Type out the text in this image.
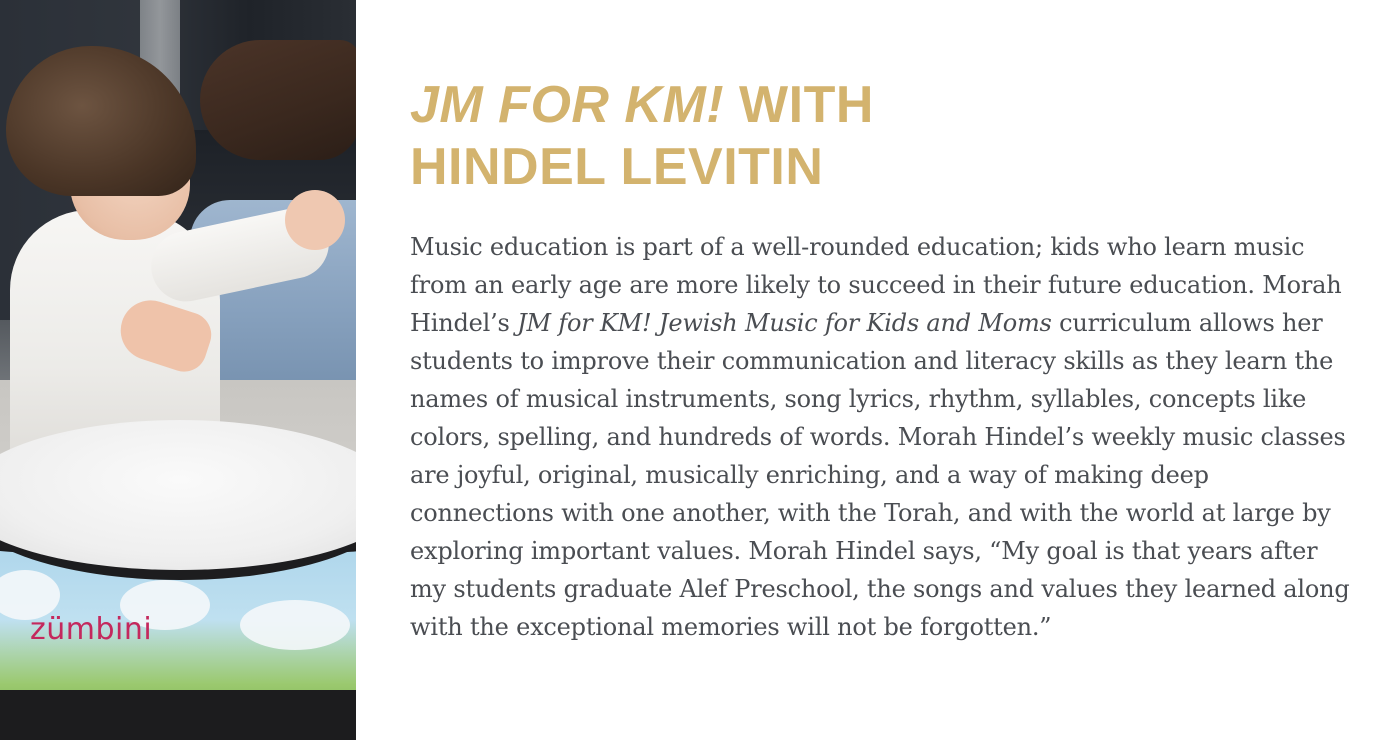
zümbini
JM FOR KM! WITH
HINDEL LEVITIN

Music education is part of a well-rounded education; kids who learn music from an early age are more likely to succeed in their future education. Morah Hindel’s JM for KM! Jewish Music for Kids and Moms curriculum allows her students to improve their communication and literacy skills as they learn the names of musical instruments, song lyrics, rhythm, syllables, concepts like colors, spelling, and hundreds of words. Morah Hindel’s weekly music classes are joyful, original, musically enriching, and a way of making deep connections with one another, with the Torah, and with the world at large by exploring important values. Morah Hindel says, “My goal is that years after my students graduate Alef Preschool, the songs and values they learned along with the exceptional memories will not be forgotten.”
